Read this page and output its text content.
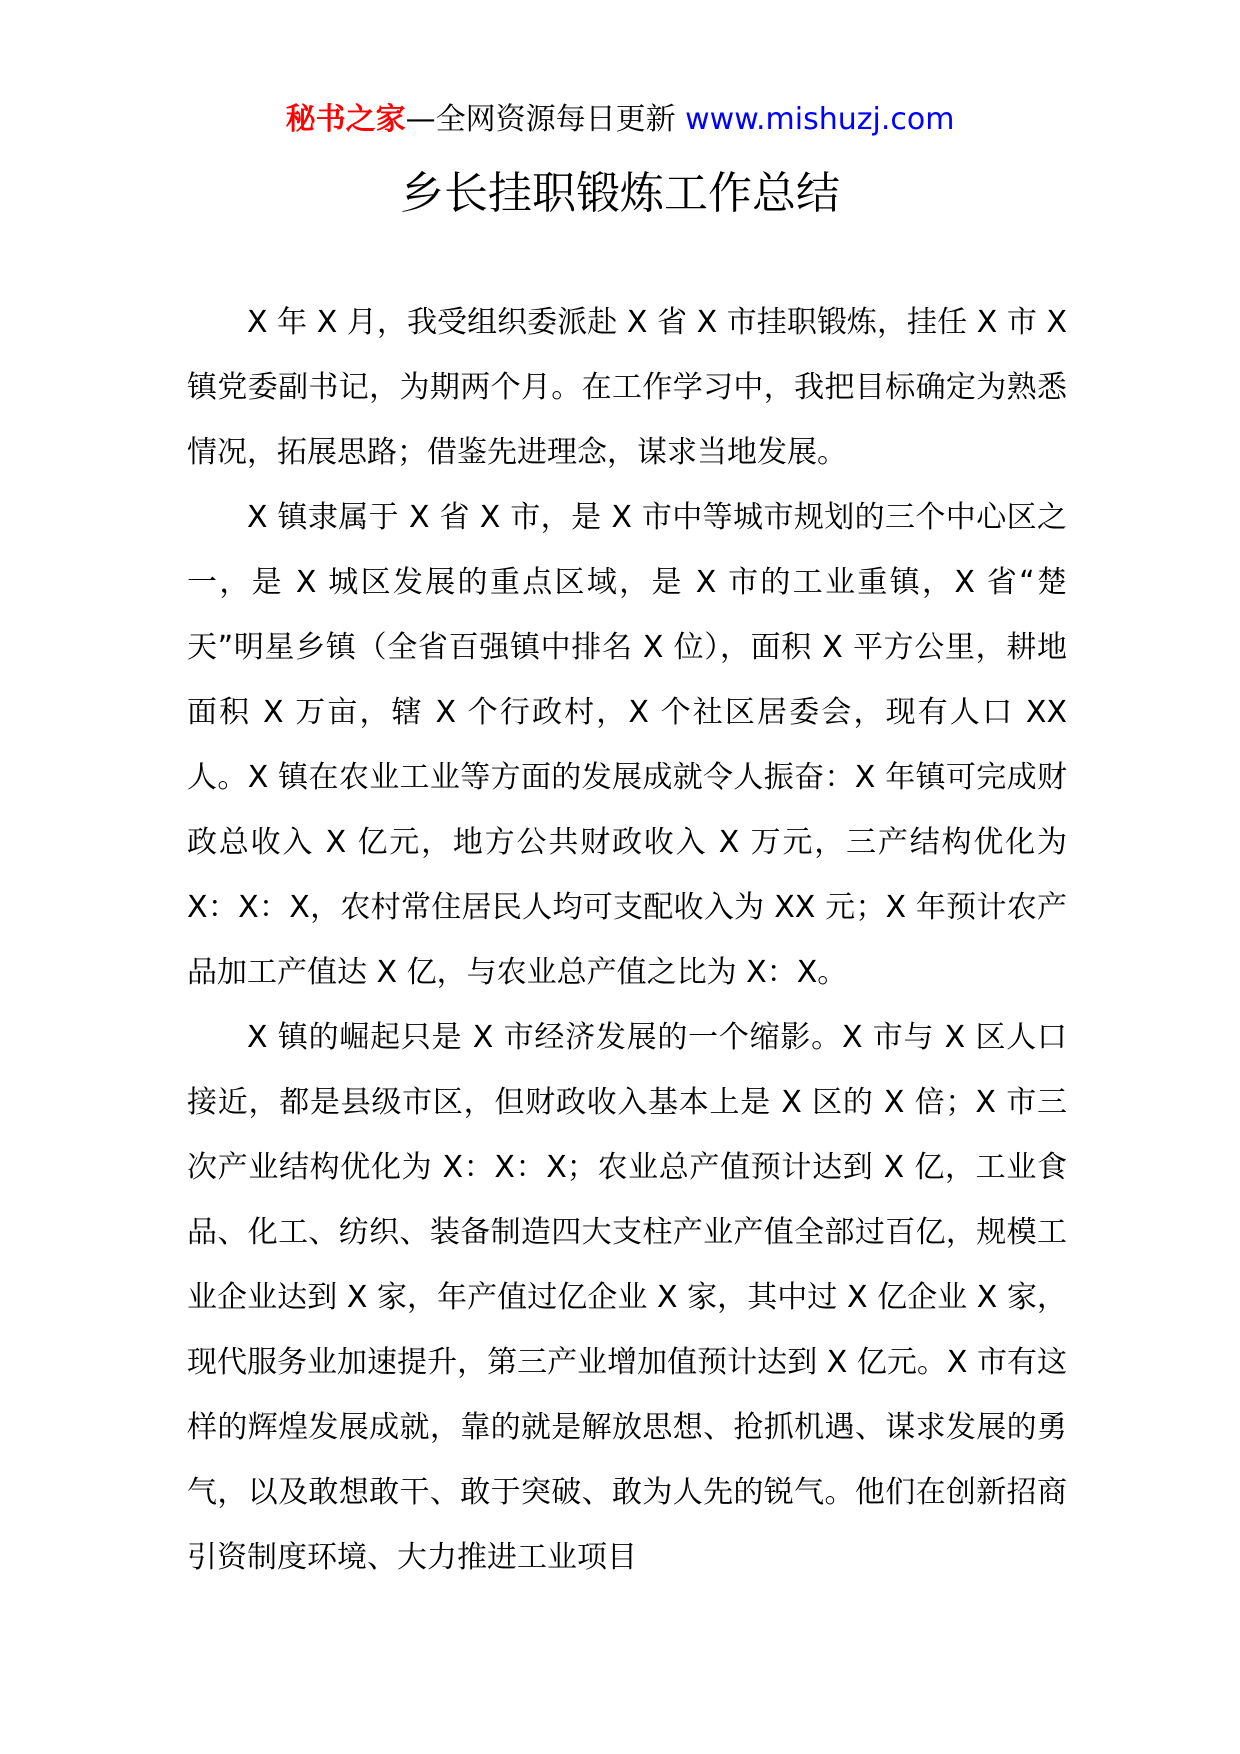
秘书之家—全网资源每日更新 www.mishuzj.com
乡长挂职锻炼工作总结

X 年 X 月，我受组织委派赴 X 省 X 市挂职锻炼，挂任 X 市 X 镇党委副书记，为期两个月。在工作学习中，我把目标确定为熟悉情况，拓展思路；借鉴先进理念，谋求当地发展。

X 镇隶属于 X 省 X 市，是 X 市中等城市规划的三个中心区之一，是 X 城区发展的重点区域，是 X 市的工业重镇，X 省“楚天”明星乡镇（全省百强镇中排名 X 位），面积 X 平方公里，耕地面积 X 万亩，辖 X 个行政村，X 个社区居委会，现有人口 XX 人。X 镇在农业工业等方面的发展成就令人振奋：X 年镇可完成财政总收入 X 亿元，地方公共财政收入 X 万元，三产结构优化为 X：X：X，农村常住居民人均可支配收入为 XX 元；X 年预计农产品加工产值达 X 亿，与农业总产值之比为 X：X。

X 镇的崛起只是 X 市经济发展的一个缩影。X 市与 X 区人口接近，都是县级市区，但财政收入基本上是 X 区的 X 倍；X 市三次产业结构优化为 X：X：X；农业总产值预计达到 X 亿，工业食品、化工、纺织、装备制造四大支柱产业产值全部过百亿，规模工业企业达到 X 家，年产值过亿企业 X 家，其中过 X 亿企业 X 家，现代服务业加速提升，第三产业增加值预计达到 X 亿元。X 市有这样的辉煌发展成就，靠的就是解放思想、抢抓机遇、谋求发展的勇气，以及敢想敢干、敢于突破、敢为人先的锐气。他们在创新招商引资制度环境、大力推进工业项目
